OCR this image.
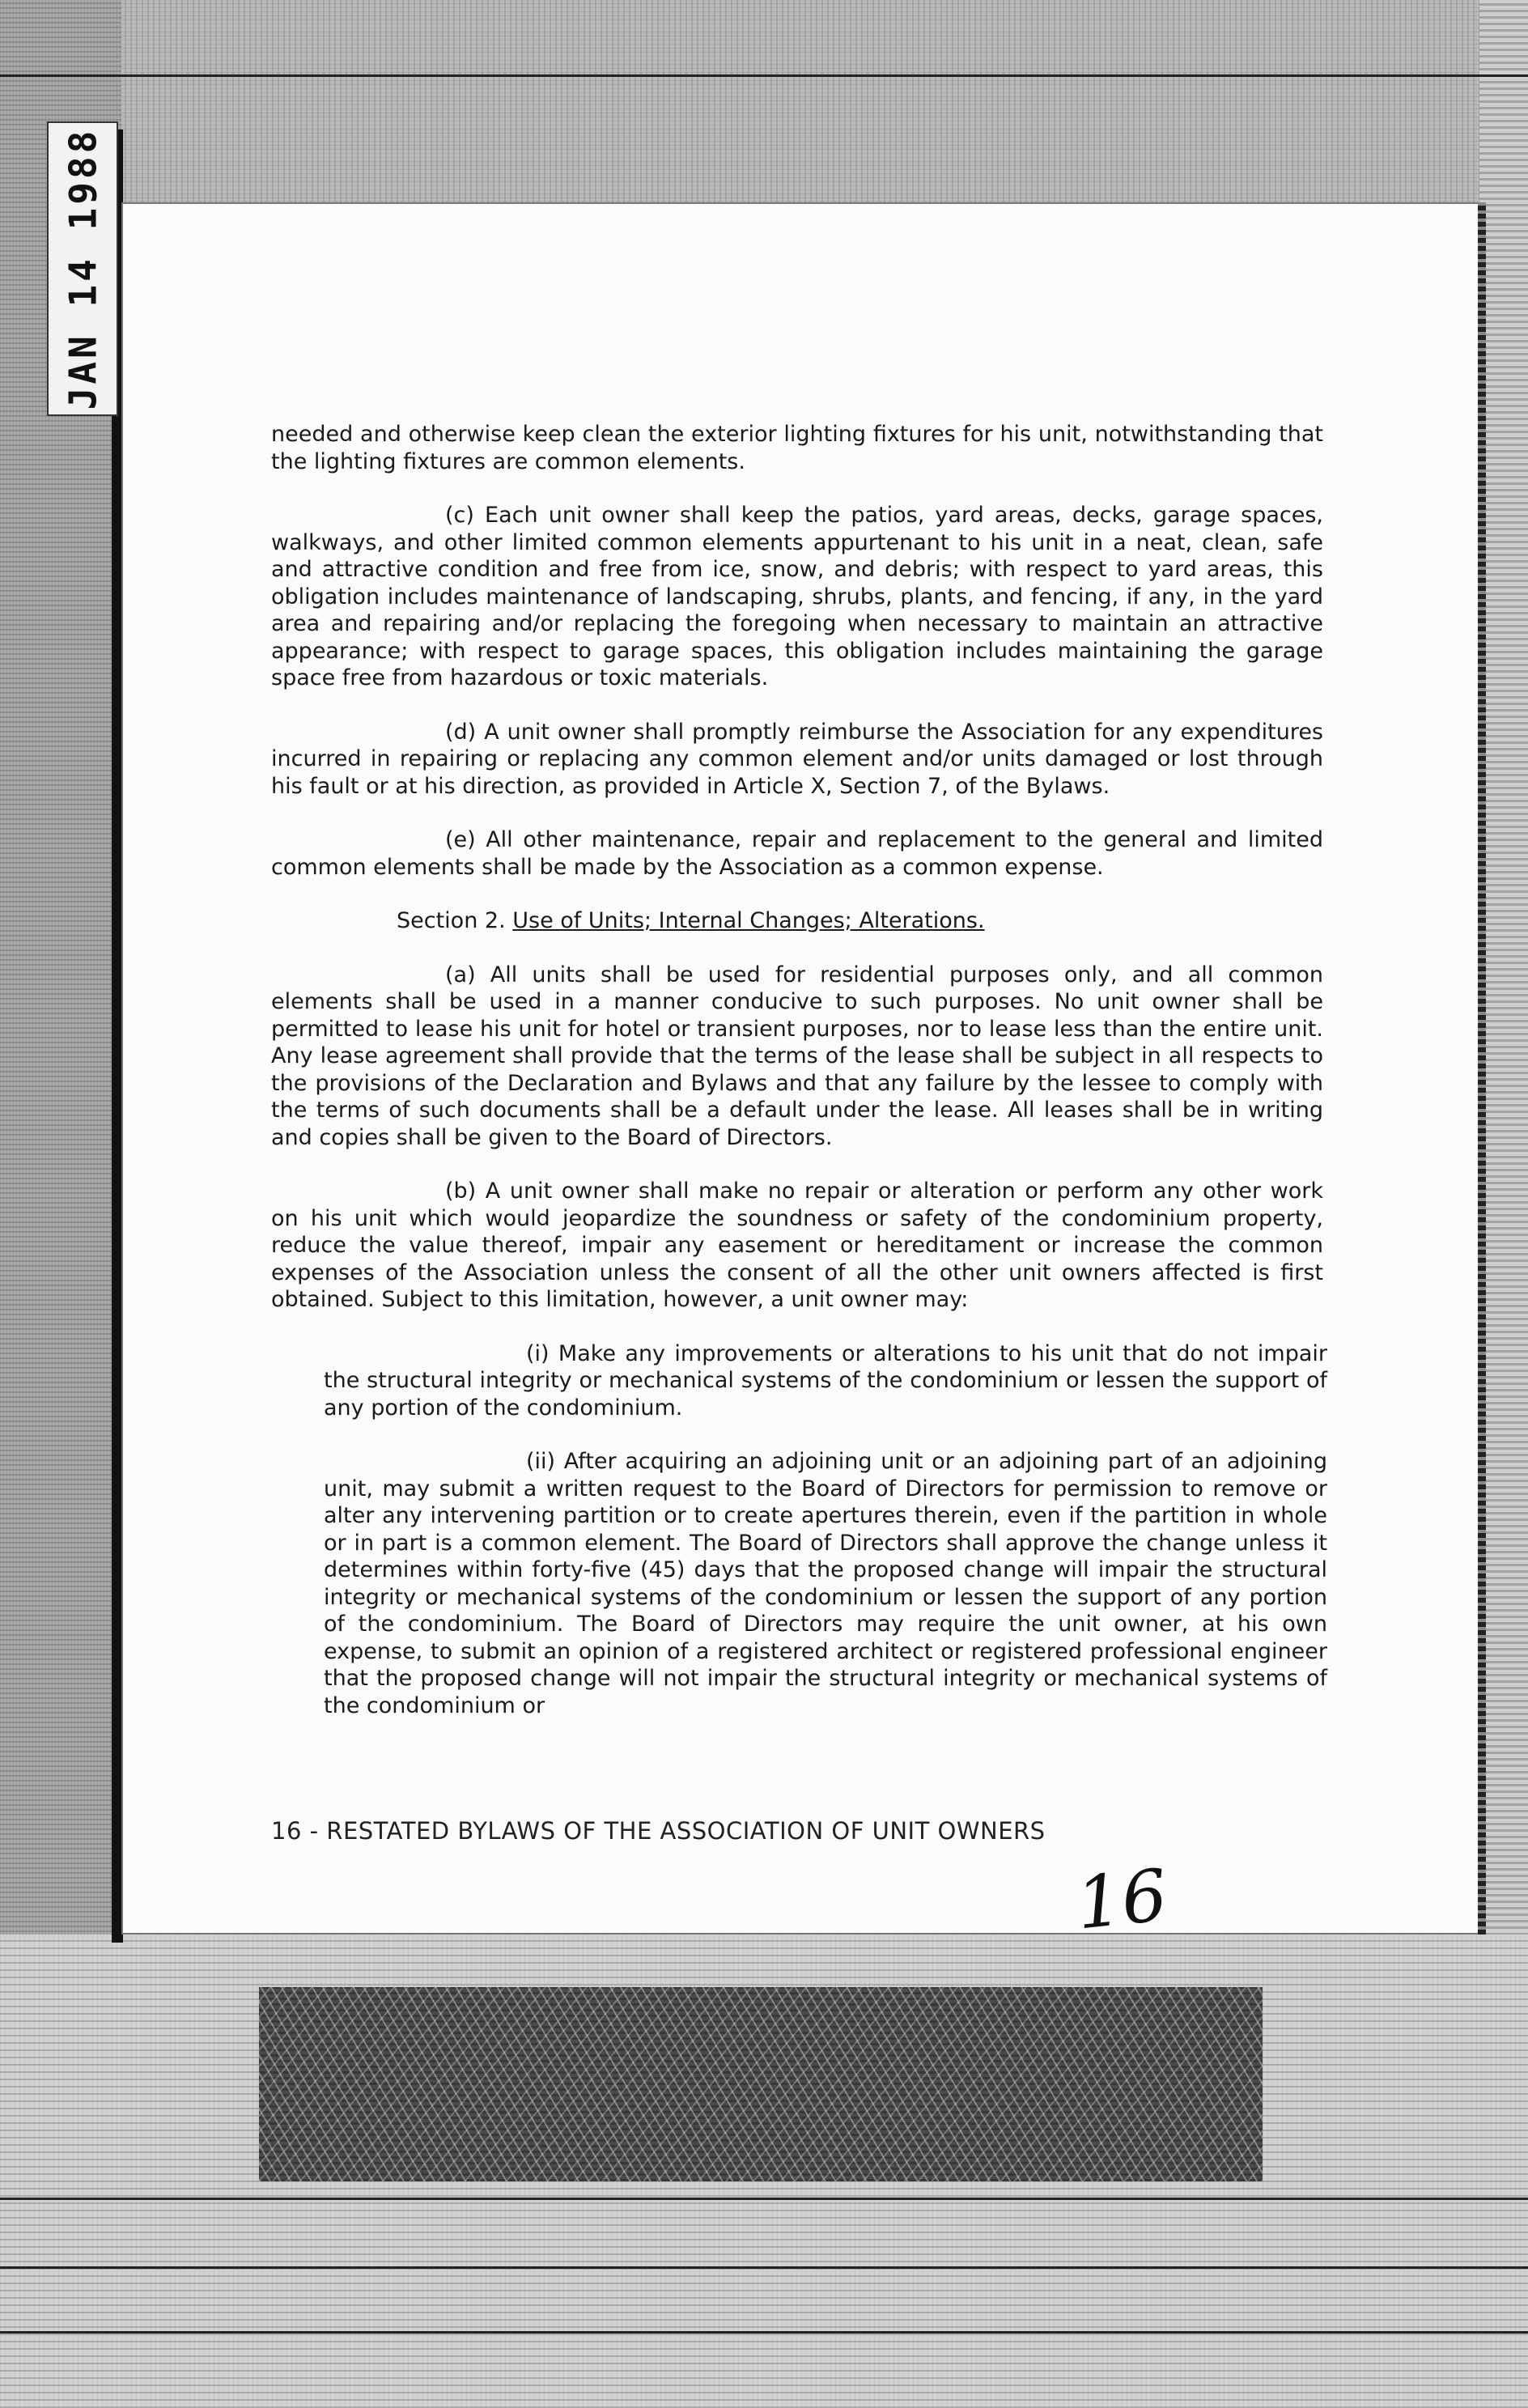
JAN 14 1988

needed and otherwise keep clean the exterior lighting fixtures for his unit, notwithstanding that the lighting fixtures are common elements.

(c) Each unit owner shall keep the patios, yard areas, decks, garage spaces, walkways, and other limited common elements appurtenant to his unit in a neat, clean, safe and attractive condition and free from ice, snow, and debris; with respect to yard areas, this obligation includes maintenance of landscaping, shrubs, plants, and fencing, if any, in the yard area and repairing and/or replacing the foregoing when necessary to maintain an attractive appearance; with respect to garage spaces, this obligation includes maintaining the garage space free from hazardous or toxic materials.

(d) A unit owner shall promptly reimburse the Association for any expenditures incurred in repairing or replacing any common element and/or units damaged or lost through his fault or at his direction, as provided in Article X, Section 7, of the Bylaws.

(e) All other maintenance, repair and replacement to the general and limited common elements shall be made by the Association as a common expense.

Section 2. Use of Units; Internal Changes; Alterations.

(a) All units shall be used for residential purposes only, and all common elements shall be used in a manner conducive to such purposes. No unit owner shall be permitted to lease his unit for hotel or transient purposes, nor to lease less than the entire unit. Any lease agreement shall provide that the terms of the lease shall be subject in all respects to the provisions of the Declaration and Bylaws and that any failure by the lessee to comply with the terms of such documents shall be a default under the lease. All leases shall be in writing and copies shall be given to the Board of Directors.

(b) A unit owner shall make no repair or alteration or perform any other work on his unit which would jeopardize the soundness or safety of the condominium property, reduce the value thereof, impair any easement or hereditament or increase the common expenses of the Association unless the consent of all the other unit owners affected is first obtained. Subject to this limitation, however, a unit owner may:

(i) Make any improvements or alterations to his unit that do not impair the structural integrity or mechanical systems of the condominium or lessen the support of any portion of the condominium.

(ii) After acquiring an adjoining unit or an adjoining part of an adjoining unit, may submit a written request to the Board of Directors for permission to remove or alter any intervening partition or to create apertures therein, even if the partition in whole or in part is a common element. The Board of Directors shall approve the change unless it determines within forty-five (45) days that the proposed change will impair the structural integrity or mechanical systems of the condominium or lessen the support of any portion of the condominium. The Board of Directors may require the unit owner, at his own expense, to submit an opinion of a registered architect or registered professional engineer that the proposed change will not impair the structural integrity or mechanical systems of the condominium or

16 - RESTATED BYLAWS OF THE ASSOCIATION OF UNIT OWNERS
16
